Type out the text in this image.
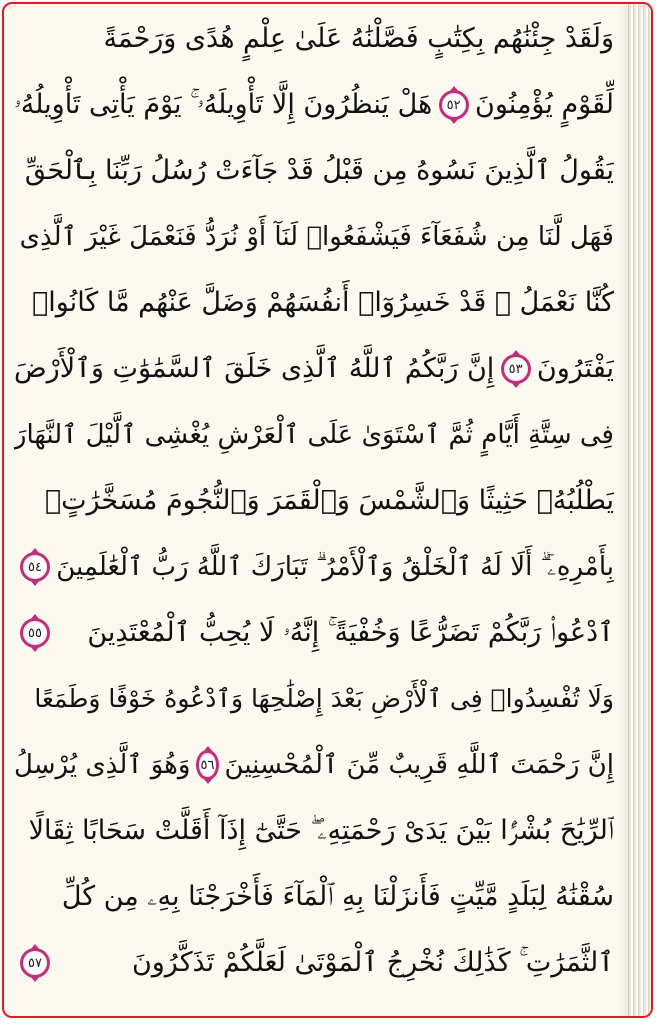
وَلَقَدْ جِئْنَٰهُم بِكِتَٰبٍ فَصَّلْنَٰهُ عَلَىٰ عِلْمٍ هُدًى وَرَحْمَةً
لِّقَوْمٍ يُؤْمِنُونَ
٥٢
هَلْ يَنظُرُونَ إِلَّا تَأْوِيلَهُۥ ۚ يَوْمَ يَأْتِى تَأْوِيلُهُۥ
يَقُولُ ٱلَّذِينَ نَسُوهُ مِن قَبْلُ قَدْ جَآءَتْ رُسُلُ رَبِّنَا بِٱلْحَقِّ
فَهَل لَّنَا مِن شُفَعَآءَ فَيَشْفَعُوا۟ لَنَآ أَوْ نُرَدُّ فَنَعْمَلَ غَيْرَ ٱلَّذِى
كُنَّا نَعْمَلُ ۚ قَدْ خَسِرُوٓا۟ أَنفُسَهُمْ وَضَلَّ عَنْهُم مَّا كَانُوا۟
يَفْتَرُونَ
٥٣
إِنَّ رَبَّكُمُ ٱللَّهُ ٱلَّذِى خَلَقَ ٱلسَّمَٰوَٰتِ وَٱلْأَرْضَ
فِى سِتَّةِ أَيَّامٍ ثُمَّ ٱسْتَوَىٰ عَلَى ٱلْعَرْشِ يُغْشِى ٱلَّيْلَ ٱلنَّهَارَ
يَطْلُبُهُۥ حَثِيثًا وَٱلشَّمْسَ وَٱلْقَمَرَ وَٱلنُّجُومَ مُسَخَّرَٰتٍۭ
بِأَمْرِهِۦٓ ۗ أَلَا لَهُ ٱلْخَلْقُ وَٱلْأَمْرُ ۗ تَبَارَكَ ٱللَّهُ رَبُّ ٱلْعَٰلَمِينَ
٥٤
ٱدْعُوا۟ رَبَّكُمْ تَضَرُّعًا وَخُفْيَةً ۚ إِنَّهُۥ لَا يُحِبُّ ٱلْمُعْتَدِينَ
٥٥
وَلَا تُفْسِدُوا۟ فِى ٱلْأَرْضِ بَعْدَ إِصْلَٰحِهَا وَٱدْعُوهُ خَوْفًا وَطَمَعًا
إِنَّ رَحْمَتَ ٱللَّهِ قَرِيبٌ مِّنَ ٱلْمُحْسِنِينَ
٥٦
وَهُوَ ٱلَّذِى يُرْسِلُ
ٱلرِّيَٰحَ بُشْرًۢا بَيْنَ يَدَىْ رَحْمَتِهِۦ ۖ حَتَّىٰٓ إِذَآ أَقَلَّتْ سَحَابًا ثِقَالًا
سُقْنَٰهُ لِبَلَدٍ مَّيِّتٍ فَأَنزَلْنَا بِهِ ٱلْمَآءَ فَأَخْرَجْنَا بِهِۦ مِن كُلِّ
ٱلثَّمَرَٰتِ ۚ كَذَٰلِكَ نُخْرِجُ ٱلْمَوْتَىٰ لَعَلَّكُمْ تَذَكَّرُونَ
٥٧
